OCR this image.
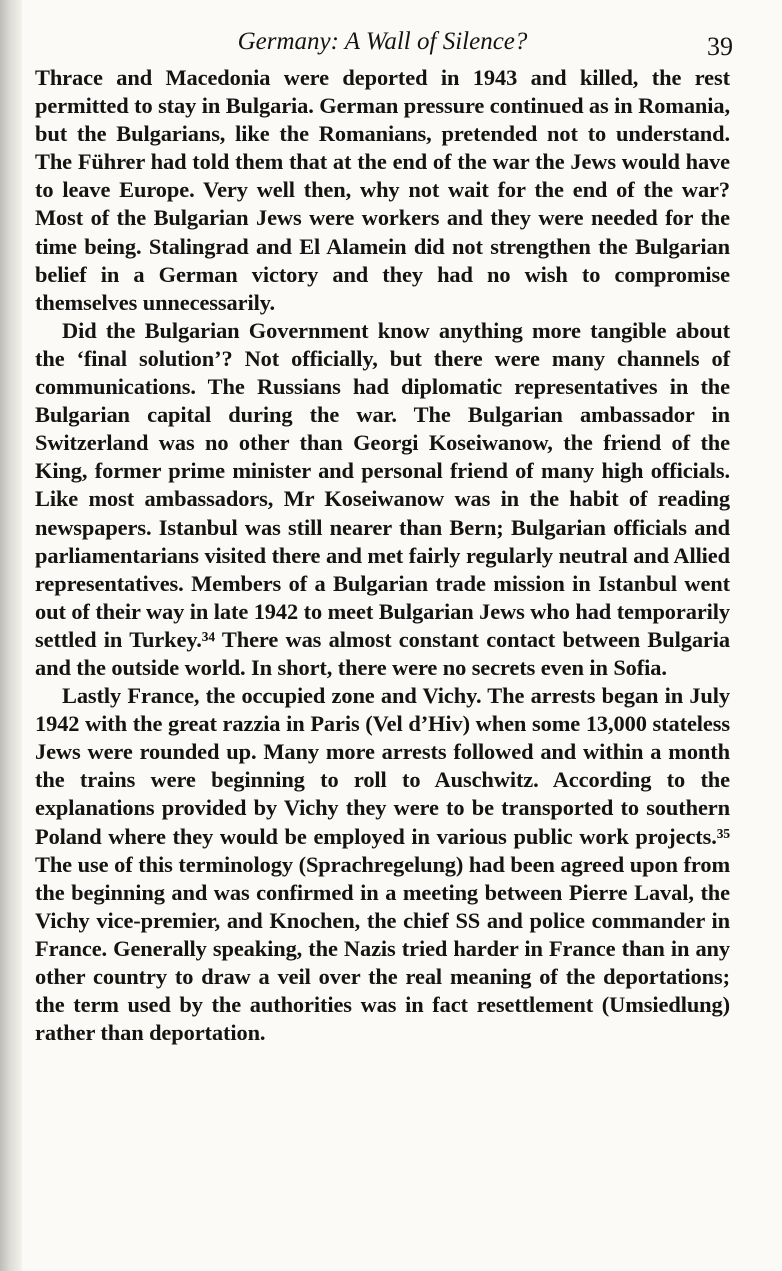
Germany: A Wall of Silence?	39

Thrace and Macedonia were deported in 1943 and killed, the rest permitted to stay in Bulgaria. German pressure continued as in Romania, but the Bulgarians, like the Romanians, pretended not to understand. The Führer had told them that at the end of the war the Jews would have to leave Europe. Very well then, why not wait for the end of the war? Most of the Bulgarian Jews were workers and they were needed for the time being. Stalingrad and El Alamein did not strengthen the Bulgarian belief in a German victory and they had no wish to compromise themselves unnecessarily.

Did the Bulgarian Government know anything more tangible about the ‘final solution’? Not officially, but there were many channels of communications. The Russians had diplomatic representatives in the Bulgarian capital during the war. The Bulgarian ambassador in Switzerland was no other than Georgi Koseiwanow, the friend of the King, former prime minister and personal friend of many high officials. Like most ambassadors, Mr Koseiwanow was in the habit of reading newspapers. Istanbul was still nearer than Bern; Bulgarian officials and parliamentarians visited there and met fairly regularly neutral and Allied representatives. Members of a Bulgarian trade mission in Istanbul went out of their way in late 1942 to meet Bulgarian Jews who had temporarily settled in Turkey.³⁴ There was almost constant contact between Bulgaria and the outside world. In short, there were no secrets even in Sofia.

Lastly France, the occupied zone and Vichy. The arrests began in July 1942 with the great razzia in Paris (Vel d’Hiv) when some 13,000 stateless Jews were rounded up. Many more arrests followed and within a month the trains were beginning to roll to Auschwitz. According to the explanations provided by Vichy they were to be transported to southern Poland where they would be employed in various public work projects.³⁵ The use of this terminology (Sprachregelung) had been agreed upon from the beginning and was confirmed in a meeting between Pierre Laval, the Vichy vice-premier, and Knochen, the chief SS and police commander in France. Generally speaking, the Nazis tried harder in France than in any other country to draw a veil over the real meaning of the deportations; the term used by the authorities was in fact resettlement (Umsiedlung) rather than deportation.
